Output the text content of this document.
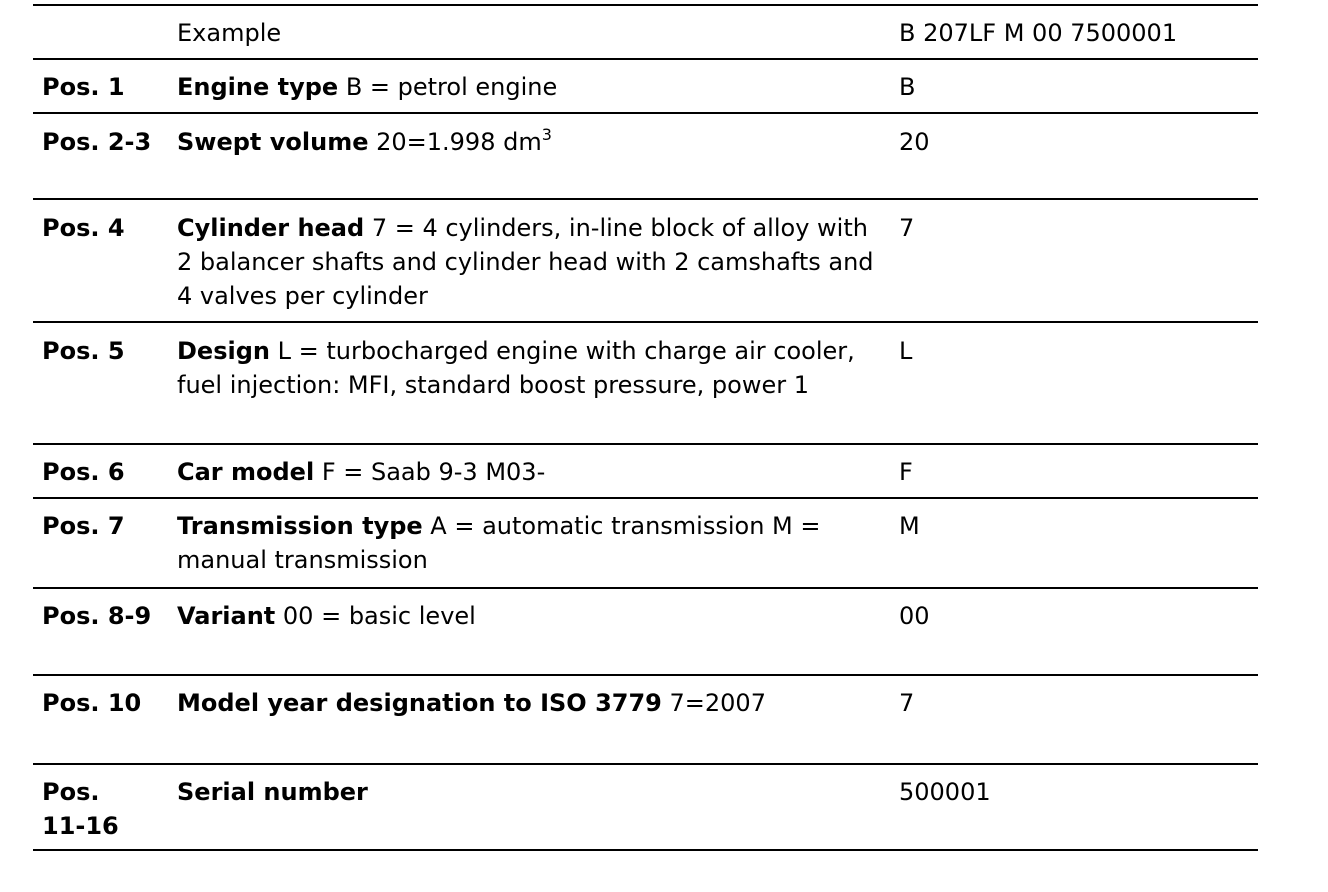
	Example	B 207LF M 00 7500001

Pos. 1	Engine type B = petrol engine	B

Pos. 2-3	Swept volume 20=1.998 $dm^3$	20

Pos. 4	Cylinder head 7 = 4 cylinders, in-line block of alloy with 2 balancer shafts and cylinder head with 2 camshafts and 4 valves per cylinder	7

Pos. 5	Design L = turbocharged engine with charge air cooler, fuel injection: MFI, standard boost pressure, power 1	L

Pos. 6	Car model F = Saab 9-3 M03-	F

Pos. 7	Transmission type A = automatic transmission M = manual transmission	M

Pos. 8-9	Variant 00 = basic level	00

Pos. 10	Model year designation to ISO 3779 7=2007	7

Pos. 11-16	Serial number	500001
